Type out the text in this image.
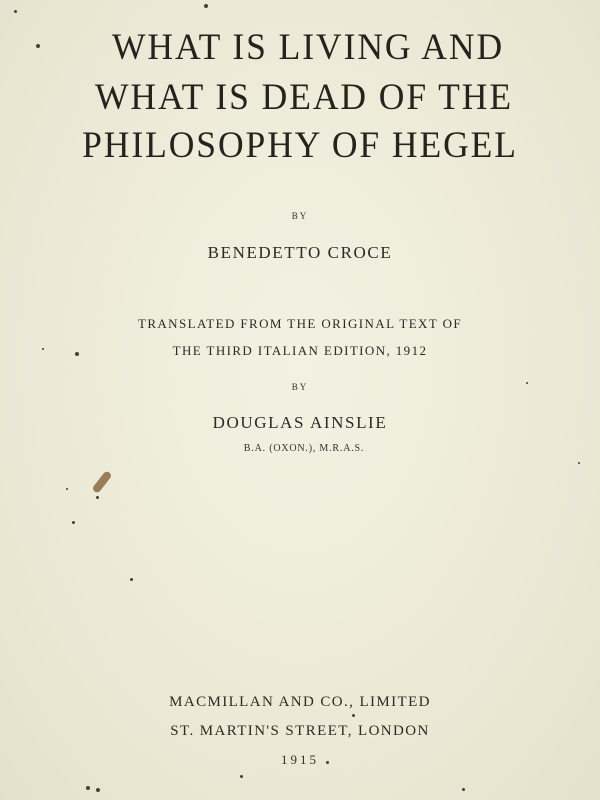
WHAT IS LIVING AND
WHAT IS DEAD OF THE
PHILOSOPHY OF HEGEL
BY
BENEDETTO CROCE
TRANSLATED FROM THE ORIGINAL TEXT OF
THE THIRD ITALIAN EDITION, 1912
BY
DOUGLAS AINSLIE
B.A. (OXON.), M.R.A.S.
MACMILLAN AND CO., LIMITED
ST. MARTIN'S STREET, LONDON
1915
